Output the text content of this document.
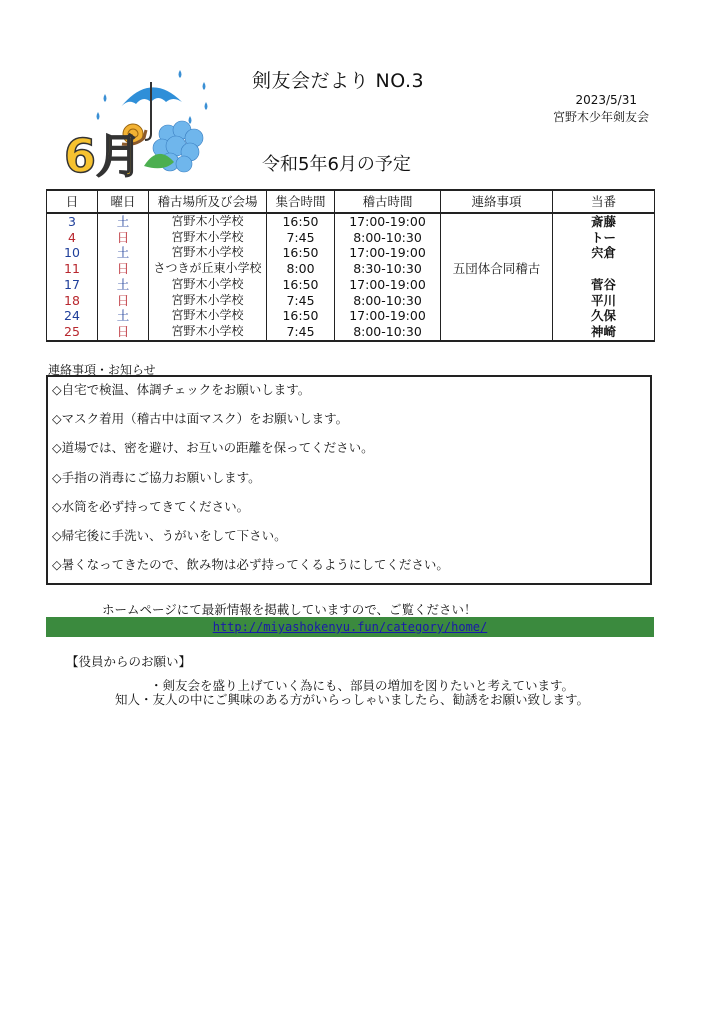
剣友会だより NO.3
2023/5/31
宮野木少年剣友会
令和5年6月の予定
6月
日	曜日	稽古場所及び会場	集合時間	稽古時間	連絡事項	当番
3	土	宮野木小学校	16:50	17:00-19:00		斎藤
4	日	宮野木小学校	7:45	8:00-10:30		トー
10	土	宮野木小学校	16:50	17:00-19:00		宍倉
11	日	さつきが丘東小学校	8:00	8:30-10:30	五団体合同稽古	
17	土	宮野木小学校	16:50	17:00-19:00		菅谷
18	日	宮野木小学校	7:45	8:00-10:30		平川
24	土	宮野木小学校	16:50	17:00-19:00		久保
25	日	宮野木小学校	7:45	8:00-10:30		神崎
連絡事項・お知らせ
◇自宅で検温、体調チェックをお願いします。
◇マスク着用（稽古中は面マスク）をお願いします。
◇道場では、密を避け、お互いの距離を保ってください。
◇手指の消毒にご協力お願いします。
◇水筒を必ず持ってきてください。
◇帰宅後に手洗い、うがいをして下さい。
◇暑くなってきたので、飲み物は必ず持ってくるようにしてください。
ホームページにて最新情報を掲載していますので、ご覧ください！
http://miyashokenyu.fun/category/home/
【役員からのお願い】
・剣友会を盛り上げていく為にも、部員の増加を図りたいと考えています。
知人・友人の中にご興味のある方がいらっしゃいましたら、勧誘をお願い致します。
